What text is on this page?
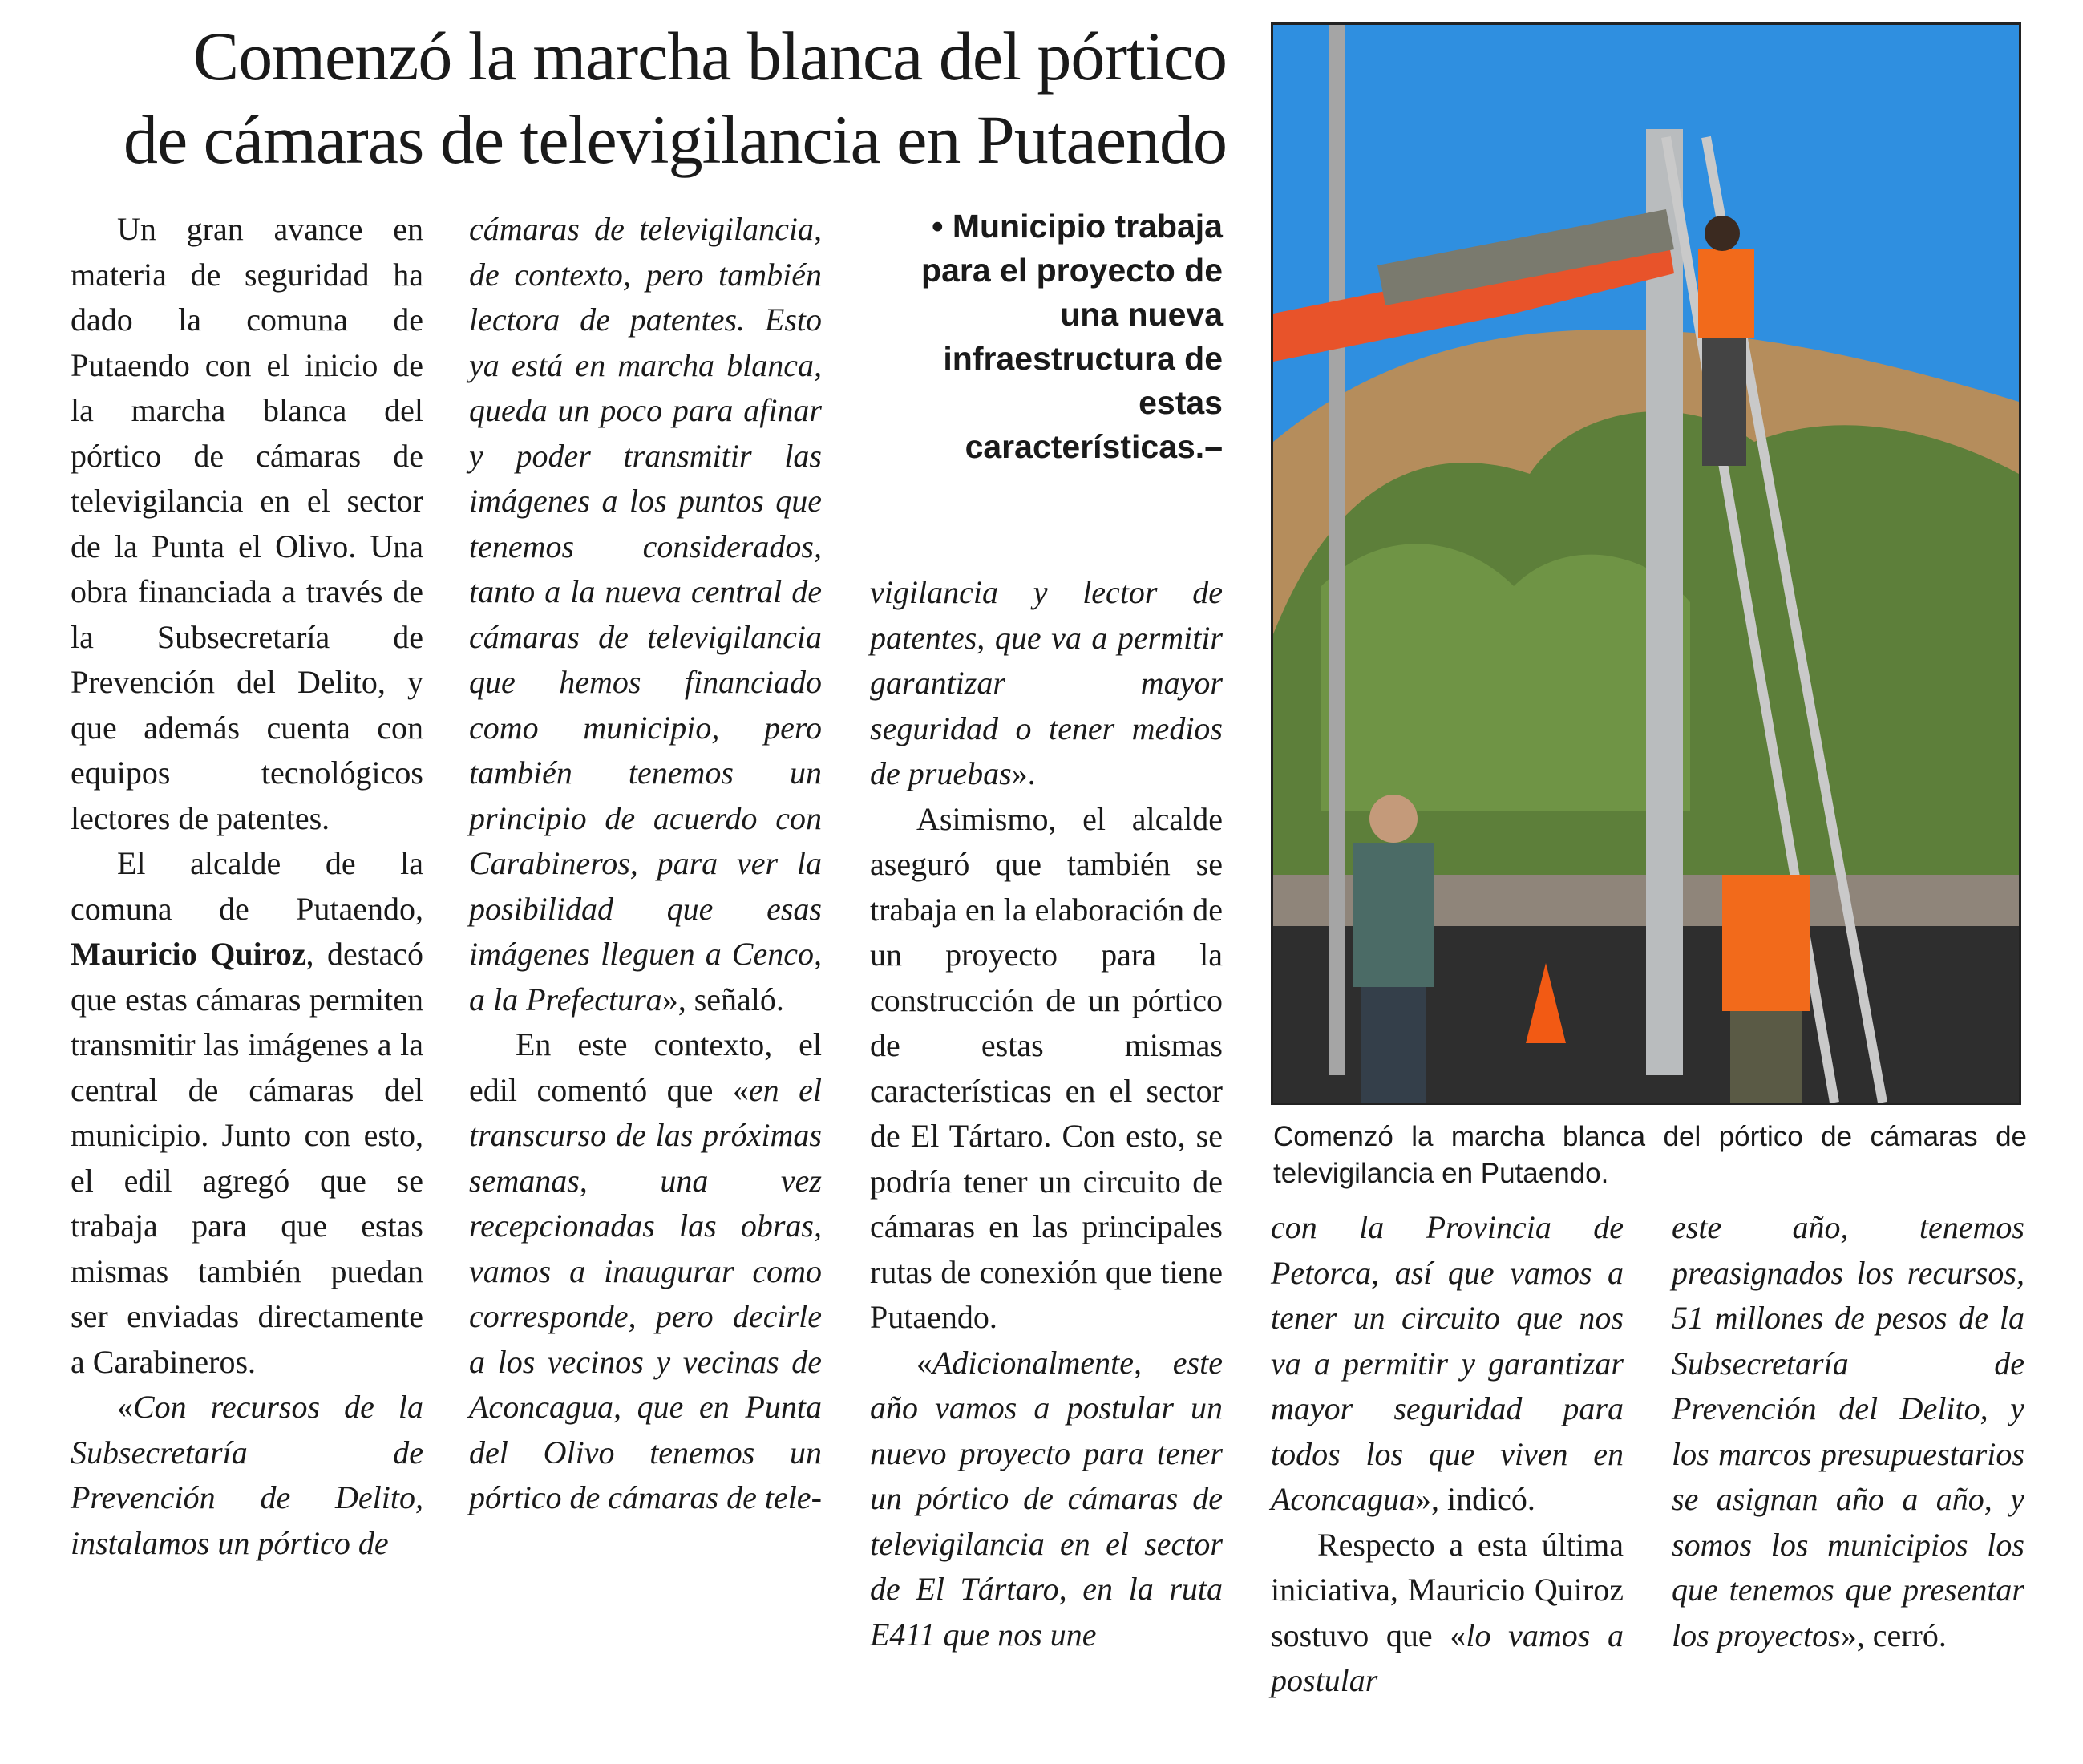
Comenzó la marcha blanca del pórtico
de cámaras de televigilancia en Putaendo

Un gran avance en materia de seguridad ha dado la comuna de Putaendo con el inicio de la marcha blanca del pórtico de cámaras de televigilancia en el sector de la Punta el Olivo. Una obra financiada a través de la Subsecretaría de Prevención del Delito, y que además cuenta con equipos tecnológicos lectores de patentes.

El alcalde de la comuna de Putaendo, Mauricio Quiroz, destacó que estas cámaras permiten transmitir las imágenes a la central de cámaras del municipio. Junto con esto, el edil agregó que se trabaja para que estas mismas también puedan ser enviadas directamente a Carabineros.

«Con recursos de la Subsecretaría de Prevención de Delito, instalamos un pórtico de

cámaras de televigilancia, de contexto, pero también lectora de patentes. Esto ya está en marcha blanca, queda un poco para afinar y poder transmitir las imágenes a los puntos que tenemos considerados, tanto a la nueva central de cámaras de televigilancia que hemos financiado como municipio, pero también tenemos un principio de acuerdo con Carabineros, para ver la posibilidad que esas imágenes lleguen a Cenco, a la Prefectura», señaló.

En este contexto, el edil comentó que «en el transcurso de las próximas semanas, una vez recepcionadas las obras, vamos a inaugurar como corresponde, pero decirle a los vecinos y vecinas de Aconcagua, que en Punta del Olivo tenemos un pórtico de cámaras de tele-

• Municipio trabaja para el proyecto de una nueva infraestructura de estas características.–

vigilancia y lector de patentes, que va a permitir garantizar mayor seguridad o tener medios de pruebas».

Asimismo, el alcalde aseguró que también se trabaja en la elaboración de un proyecto para la construcción de un pórtico de estas mismas características en el sector de El Tártaro. Con esto, se podría tener un circuito de cámaras en las principales rutas de conexión que tiene Putaendo.

«Adicionalmente, este año vamos a postular un nuevo proyecto para tener un pórtico de cámaras de televigilancia en el sector de El Tártaro, en la ruta E411 que nos une

Comenzó la marcha blanca del pórtico de cámaras de televigilancia en Putaendo.

con la Provincia de Petorca, así que vamos a tener un circuito que nos va a permitir y garantizar mayor seguridad para todos los que viven en Aconcagua», indicó.

Respecto a esta última iniciativa, Mauricio Quiroz sostuvo que «lo vamos a postular

este año, tenemos preasignados los recursos, 51 millones de pesos de la Subsecretaría de Prevención del Delito, y los marcos presupuestarios se asignan año a año, y somos los municipios los que tenemos que presentar los proyectos», cerró.
